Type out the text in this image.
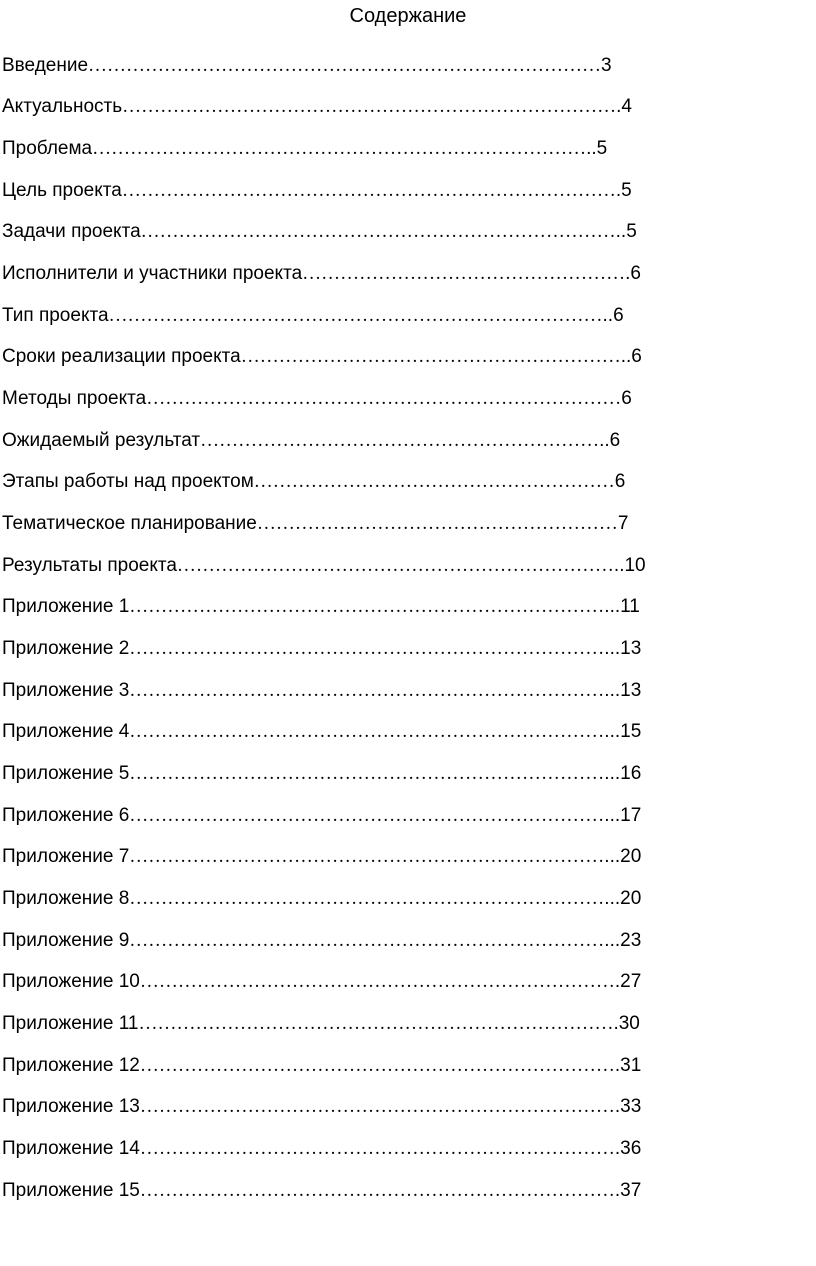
Содержание
Введение………………………………………………………………………3
Актуальность…………………………………………………………………….4
Проблема……………………………………………………………………..5
Цель проекта…………………………………………………………………….5
Задачи проекта…………………………………………………………………..5
Исполнители и участники проекта…………………………………………….6
Тип проекта……………………………………………………………………..6
Сроки реализации проекта……………………………………………………..6
Методы проекта…………………………………………………………………6
Ожидаемый результат………………………………………………………..6
Этапы работы над проектом…………………………………………………6
Тематическое планирование…………………………………………………7
Результаты проекта……………………………………………………………..10
Приложение 1…………………………………………………………………...11
Приложение 2…………………………………………………………………...13
Приложение 3…………………………………………………………………...13
Приложение 4…………………………………………………………………...15
Приложение 5…………………………………………………………………...16
Приложение 6…………………………………………………………………...17
Приложение 7…………………………………………………………………...20
Приложение 8…………………………………………………………………...20
Приложение 9…………………………………………………………………...23
Приложение 10………………………………………………………………….27
Приложение 11………………………………………………………………….30
Приложение 12………………………………………………………………….31
Приложение 13………………………………………………………………….33
Приложение 14………………………………………………………………….36
Приложение 15………………………………………………………………….37
